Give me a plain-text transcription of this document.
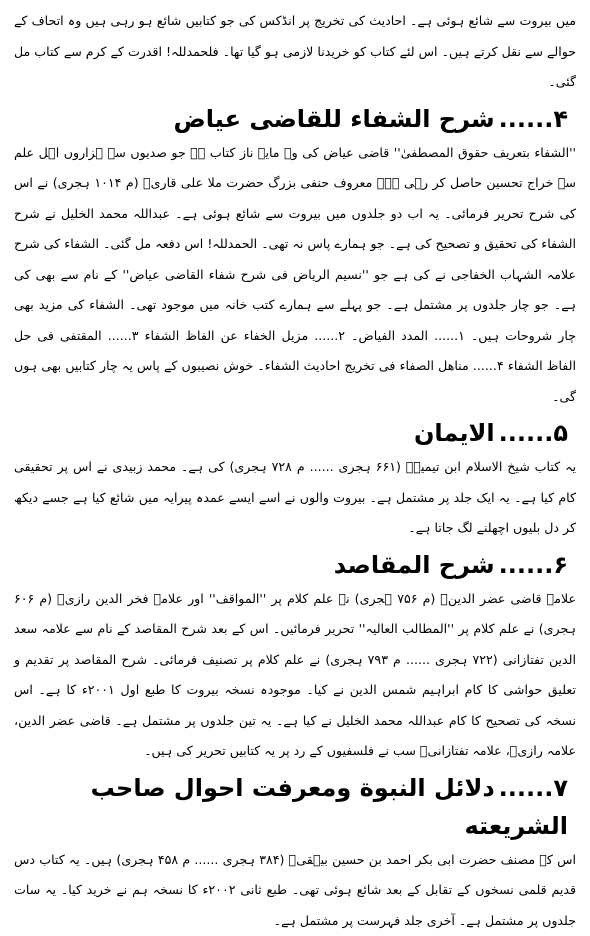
میں بیروت سے شائع ہوئی ہے۔ احادیث کی تخریج پر انڈکس کی جو کتابیں شائع ہو رہی ہیں وہ اتحاف کے حوالے سے نقل کرتے ہیں۔ اس لئے کتاب کو خریدنا لازمی ہو گیا تھا۔ فلحمدللہ! اقدرت کے کرم سے کتاب مل گئی۔

۴......شرح الشفاء للقاضی عیاض

''الشفاء بتعریف حقوق المصطفیٰ'' قاضی عیاض کی وہ مایہ ناز کتاب ہے جو صدیوں سے ہزاروں اہل علم سے خراج تحسین حاصل کر رہی ہے۔ معروف حنفی بزرگ حضرت ملا علی قاریؒ (م ۱۰۱۴ ہجری) نے اس کی شرح تحریر فرمائی۔ یہ اب دو جلدوں میں بیروت سے شائع ہوئی ہے۔ عبداللہ محمد الخلیل نے شرح الشفاء کی تحقیق و تصحیح کی ہے۔ جو ہمارے پاس نہ تھی۔ الحمدللہ! اس دفعہ مل گئی۔ الشفاء کی شرح علامہ الشہاب الخفاجی نے کی ہے جو ''نسیم الریاض فی شرح شفاء القاضی عیاض'' کے نام سے بھی کی ہے۔ جو چار جلدوں پر مشتمل ہے۔ جو پہلے سے ہمارے کتب خانہ میں موجود تھی۔ الشفاء کی مزید بھی چار شروحات ہیں۔ ۱...... المدد الفیاض۔ ۲...... مزیل الخفاء عن الفاظ الشفاء ۳...... المقتفی فی حل الفاظ الشفاء ۴...... مناهل الصفاء فی تخریج احادیث الشفاء۔ خوش نصیبوں کے پاس یہ چار کتابیں بھی ہوں گی۔

۵......الایمان

یہ کتاب شیخ الاسلام ابن تیمیہؒ (۶۶۱ ہجری ...... م ۷۲۸ ہجری) کی ہے۔ محمد زبیدی نے اس پر تحقیقی کام کیا ہے۔ یہ ایک جلد پر مشتمل ہے۔ بیروت والوں نے اسے ایسے عمدہ پیرایہ میں شائع کیا ہے جسے دیکھ کر دل بلیوں اچھلنے لگ جاتا ہے۔

۶......شرح المقاصد

علامہ قاضی عضر الدینؒ (م ۷۵۶ ہجری) نے علم کلام پر ''المواقف'' اور علامہ فخر الدین رازیؒ (م ۶۰۶ ہجری) نے علم کلام پر ''المطالب العالیہ'' تحریر فرمائیں۔ اس کے بعد شرح المقاصد کے نام سے علامہ سعد الدین تفتازانی (۷۲۲ ہجری ...... م ۷۹۳ ہجری) نے علم کلام پر تصنیف فرمائی۔ شرح المقاصد پر تقدیم و تعلیق حواشی کا کام ابراہیم شمس الدین نے کیا۔ موجودہ نسخہ بیروت کا طبع اول ۲۰۰۱ء کا ہے۔ اس نسخہ کی تصحیح کا کام عبداللہ محمد الخلیل نے کیا ہے۔ یہ تین جلدوں پر مشتمل ہے۔ قاضی عضر الدین، علامہ رازیؒ، علامہ تفتازانیؒ سب نے فلسفیوں کے رد پر یہ کتابیں تحریر کی ہیں۔

۷......دلائل النبوة ومعرفت احوال صاحب الشریعته

اس کے مصنف حضرت ابی بکر احمد بن حسین بیہقیؒ (۳۸۴ ہجری ...... م ۴۵۸ ہجری) ہیں۔ یہ کتاب دس قدیم قلمی نسخوں کے تقابل کے بعد شائع ہوئی تھی۔ طبع ثانی ۲۰۰۲ء کا نسخہ ہم نے خرید کیا۔ یہ سات جلدوں پر مشتمل ہے۔ آخری جلد فہرست پر مشتمل ہے۔
